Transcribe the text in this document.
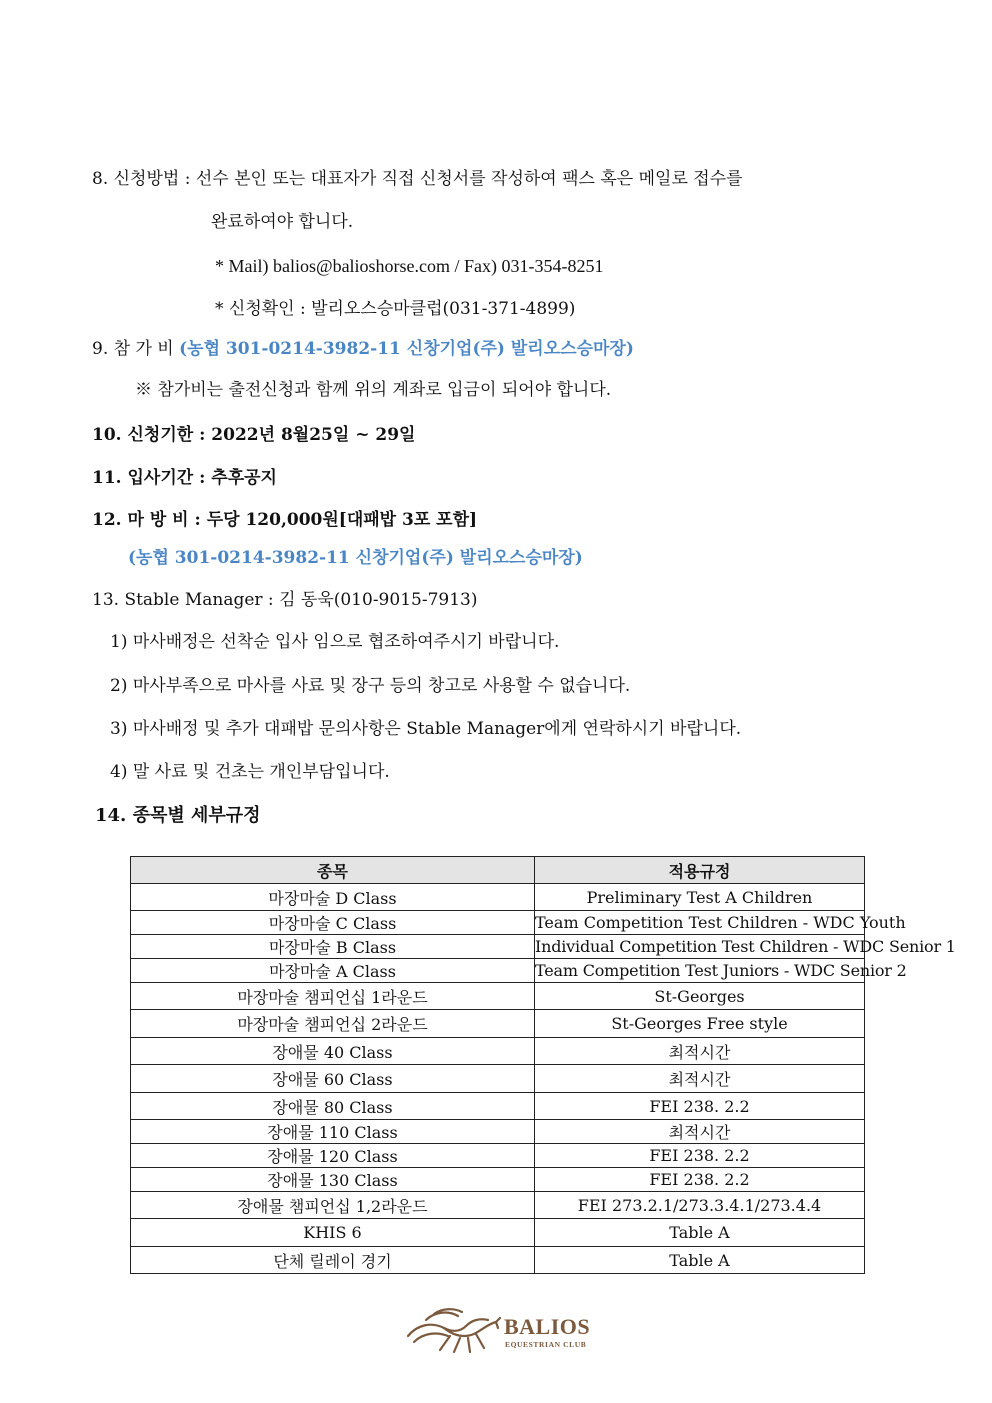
8. 신청방법 : 선수 본인 또는 대표자가 직접 신청서를 작성하여 팩스 혹은 메일로 접수를
완료하여야 합니다.
* Mail) balios@balioshorse.com / Fax) 031-354-8251
* 신청확인 : 발리오스승마클럽(031-371-4899)
9. 참 가 비 (농협 301-0214-3982-11 신창기업(주) 발리오스승마장)
※ 참가비는 출전신청과 함께 위의 계좌로 입금이 되어야 합니다.
10. 신청기한 : 2022년 8월25일 ~ 29일
11. 입사기간 : 추후공지
12. 마 방 비 : 두당 120,000원[대패밥 3포 포함]
(농협 301-0214-3982-11 신창기업(주) 발리오스승마장)
13. Stable Manager : 김 동욱(010-9015-7913)
1) 마사배정은 선착순 입사 임으로 협조하여주시기 바랍니다.
2) 마사부족으로 마사를 사료 및 장구 등의 창고로 사용할 수 없습니다.
3) 마사배정 및 추가 대패밥 문의사항은 Stable Manager에게 연락하시기 바랍니다.
4) 말 사료 및 건초는 개인부담입니다.
14. 종목별 세부규정
종목	적용규정
마장마술 D Class	Preliminary Test A Children
마장마술 C Class	Team Competition Test Children - WDC Youth
마장마술 B Class	Individual Competition Test Children - WDC Senior 1
마장마술 A Class	Team Competition Test Juniors - WDC Senior 2
마장마술 챔피언십 1라운드	St-Georges
마장마술 챔피언십 2라운드	St-Georges Free style
장애물 40 Class	최적시간
장애물 60 Class	최적시간
장애물 80 Class	FEI 238. 2.2
장애물 110 Class	최적시간
장애물 120 Class	FEI 238. 2.2
장애물 130 Class	FEI 238. 2.2
장애물 챔피언십 1,2라운드	FEI 273.2.1/273.3.4.1/273.4.4
KHIS 6	Table A
단체 릴레이 경기	Table A
BALIOS
EQUESTRIAN CLUB
